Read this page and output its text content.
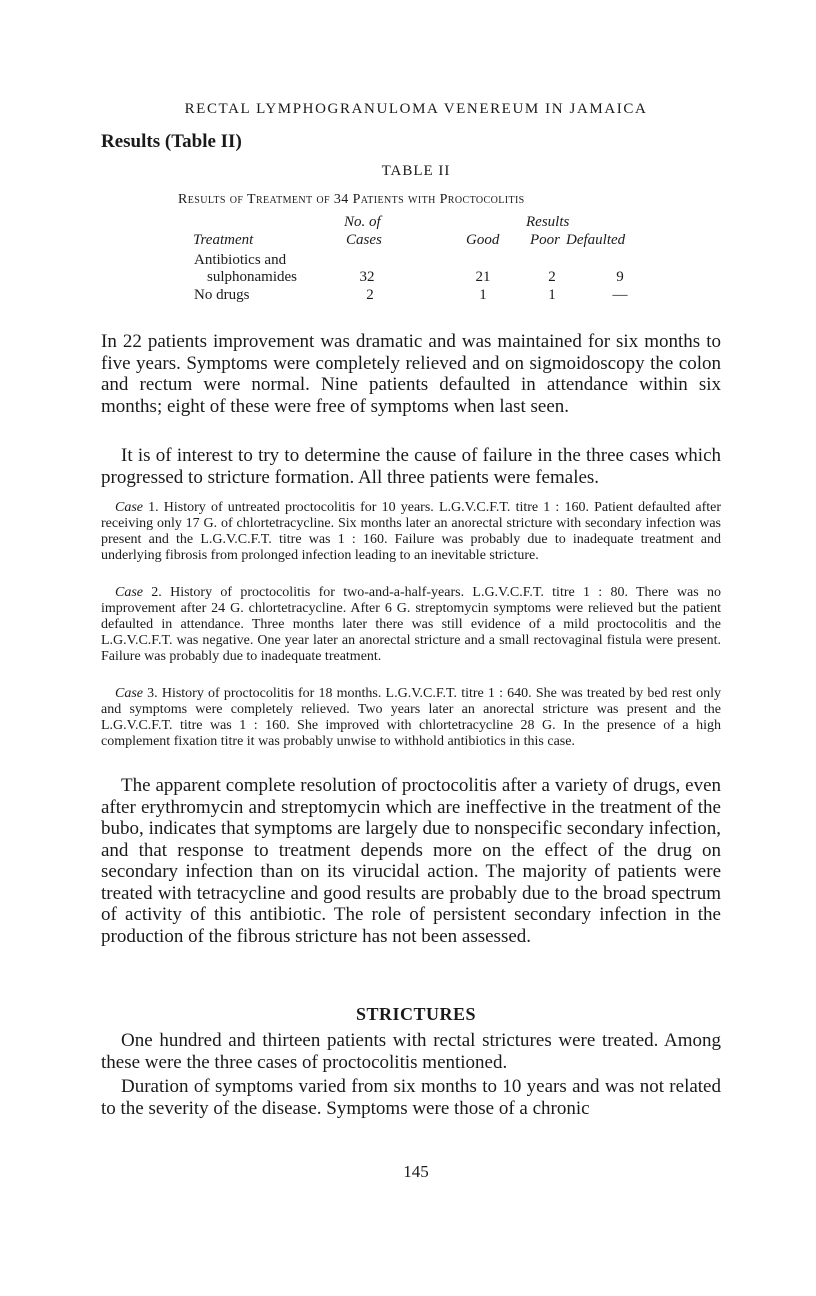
RECTAL LYMPHOGRANULOMA VENEREUM IN JAMAICA
Results (Table II)
TABLE II
Results of Treatment of 34 Patients with Proctocolitis
No. of	Results
Treatment	Cases	Good Poor Defaulted
Antibiotics and
sulphonamides	32	21	2	9
No drugs	2	1	1	—

In 22 patients improvement was dramatic and was maintained for six months to five years. Symptoms were completely relieved and on sigmoidoscopy the colon and rectum were normal. Nine patients defaulted in attendance within six months; eight of these were free of symptoms when last seen.

It is of interest to try to determine the cause of failure in the three cases which progressed to stricture formation. All three patients were females.

Case 1. History of untreated proctocolitis for 10 years. L.G.V.C.F.T. titre 1 : 160. Patient defaulted after receiving only 17 G. of chlortetracycline. Six months later an anorectal stricture with secondary infection was present and the L.G.V.C.F.T. titre was 1 : 160. Failure was probably due to inadequate treatment and underlying fibrosis from prolonged infection leading to an inevitable stricture.

Case 2. History of proctocolitis for two-and-a-half-years. L.G.V.C.F.T. titre 1 : 80. There was no improvement after 24 G. chlortetracycline. After 6 G. streptomycin symptoms were relieved but the patient defaulted in attendance. Three months later there was still evidence of a mild proctocolitis and the L.G.V.C.F.T. was negative. One year later an anorectal stricture and a small rectovaginal fistula were present. Failure was probably due to inadequate treatment.

Case 3. History of proctocolitis for 18 months. L.G.V.C.F.T. titre 1 : 640. She was treated by bed rest only and symptoms were completely relieved. Two years later an anorectal stricture was present and the L.G.V.C.F.T. titre was 1 : 160. She improved with chlortetracycline 28 G. In the presence of a high complement fixation titre it was probably unwise to withhold antibiotics in this case.

The apparent complete resolution of proctocolitis after a variety of drugs, even after erythromycin and streptomycin which are ineffective in the treatment of the bubo, indicates that symptoms are largely due to nonspecific secondary infection, and that response to treatment depends more on the effect of the drug on secondary infection than on its virucidal action. The majority of patients were treated with tetracycline and good results are probably due to the broad spectrum of activity of this antibiotic. The role of persistent secondary infection in the production of the fibrous stricture has not been assessed.

STRICTURES

One hundred and thirteen patients with rectal strictures were treated. Among these were the three cases of proctocolitis mentioned.

Duration of symptoms varied from six months to 10 years and was not related to the severity of the disease. Symptoms were those of a chronic

145
